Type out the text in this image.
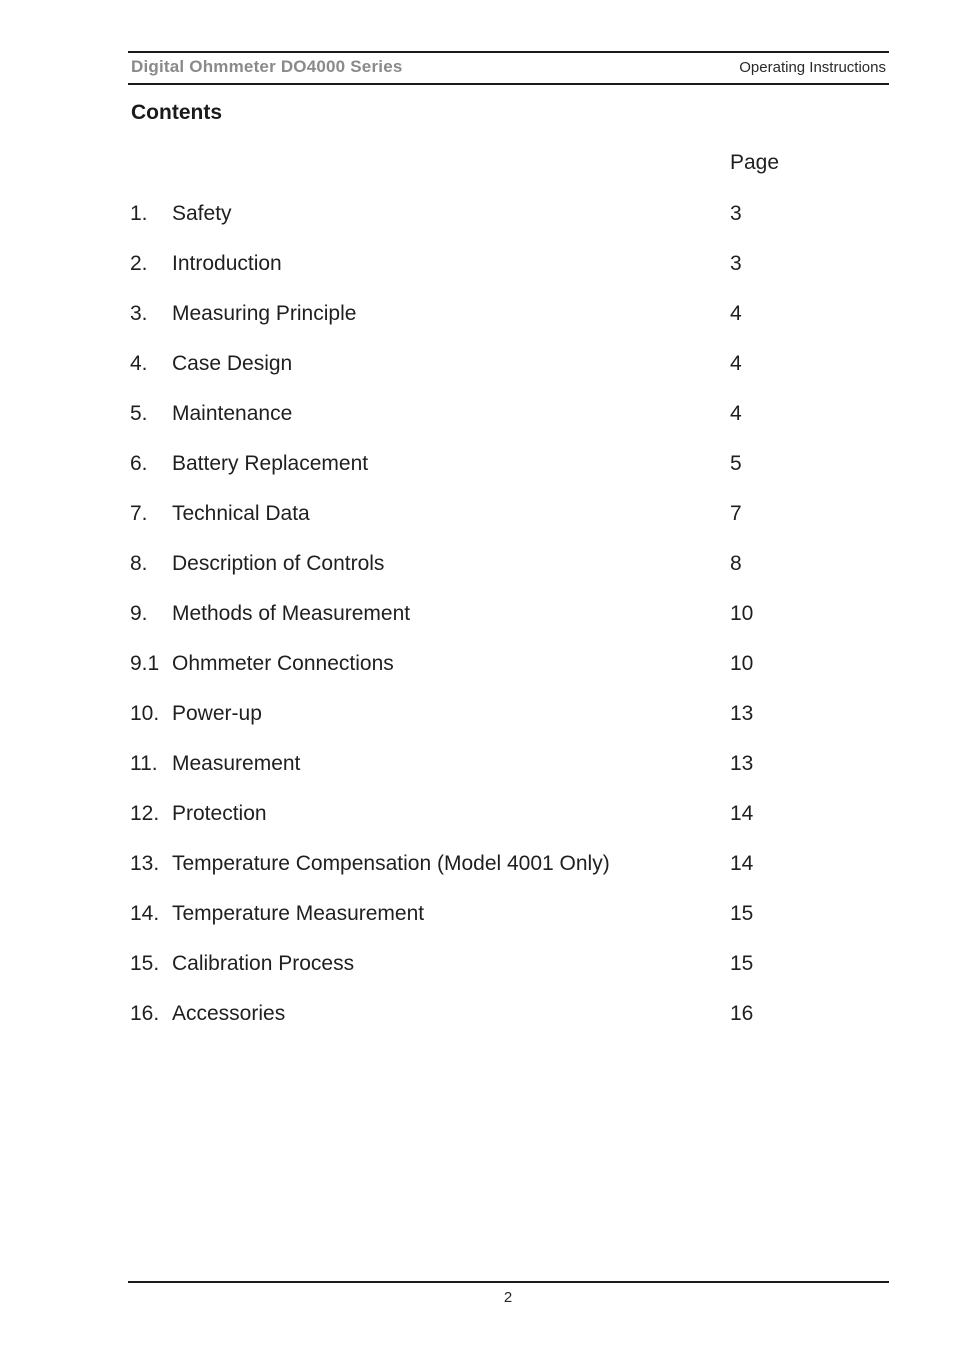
Digital Ohmmeter DO4000 Series	Operating Instructions
Contents
Page
1. Safety	3
2. Introduction	3
3. Measuring Principle	4
4. Case Design	4
5. Maintenance	4
6. Battery Replacement	5
7. Technical Data	7
8. Description of Controls	8
9. Methods of Measurement	10
9.1 Ohmmeter Connections	10
10. Power-up	13
11. Measurement	13
12. Protection	14
13. Temperature Compensation (Model 4001 Only)	14
14. Temperature Measurement	15
15. Calibration Process	15
16. Accessories	16
2
